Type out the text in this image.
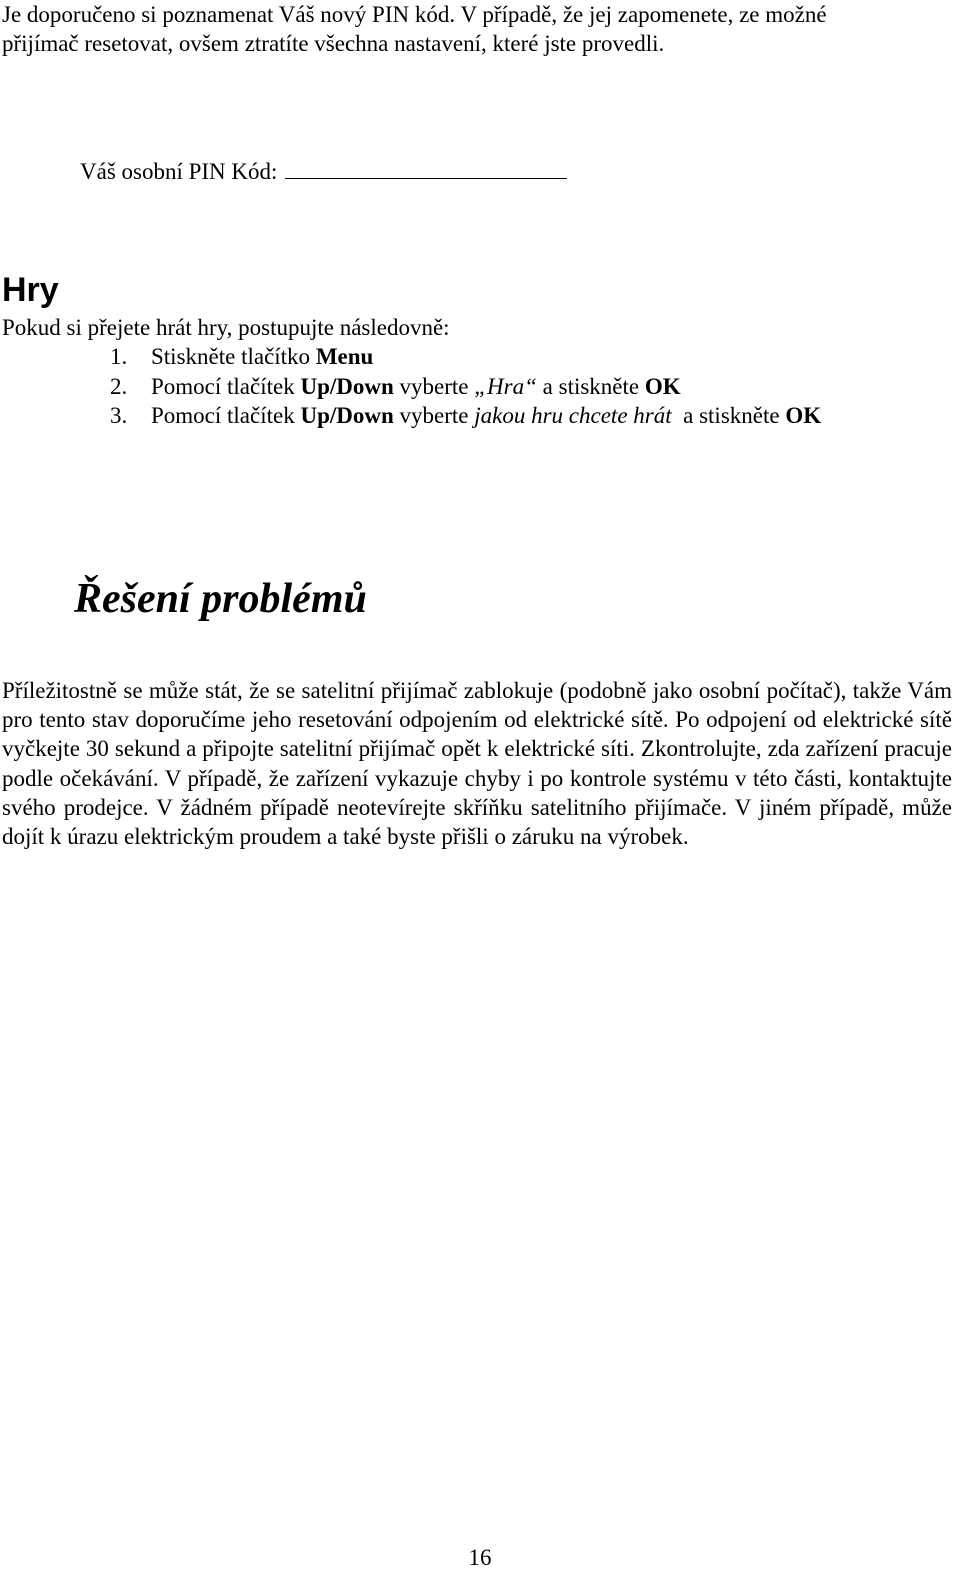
Je doporučeno si poznamenat Váš nový PIN kód. V případě, že jej zapomenete, ze možné přijímač resetovat, ovšem ztratíte všechna nastavení, které jste provedli.

Váš osobní PIN Kód:
Hry

Pokud si přejete hrát hry, postupujte následovně:

1.	Stiskněte tlačítko Menu
2.	Pomocí tlačítek Up/Down vyberte „Hra“ a stiskněte OK
3.	Pomocí tlačítek Up/Down vyberte jakou hru chcete hrát  a stiskněte OK
Řešení problémů

Příležitostně se může stát, že se satelitní přijímač zablokuje (podobně jako osobní počítač), takže Vám pro tento stav doporučíme jeho resetování odpojením od elektrické sítě. Po odpojení od elektrické sítě vyčkejte 30 sekund a připojte satelitní přijímač opět k elektrické síti. Zkontrolujte, zda zařízení pracuje podle očekávání. V případě, že zařízení vykazuje chyby i po kontrole systému v této části, kontaktujte svého prodejce. V žádném případě neotevírejte skříňku satelitního přijímače. V jiném případě, může dojít k úrazu elektrickým proudem a také byste přišli o záruku na výrobek.

16
